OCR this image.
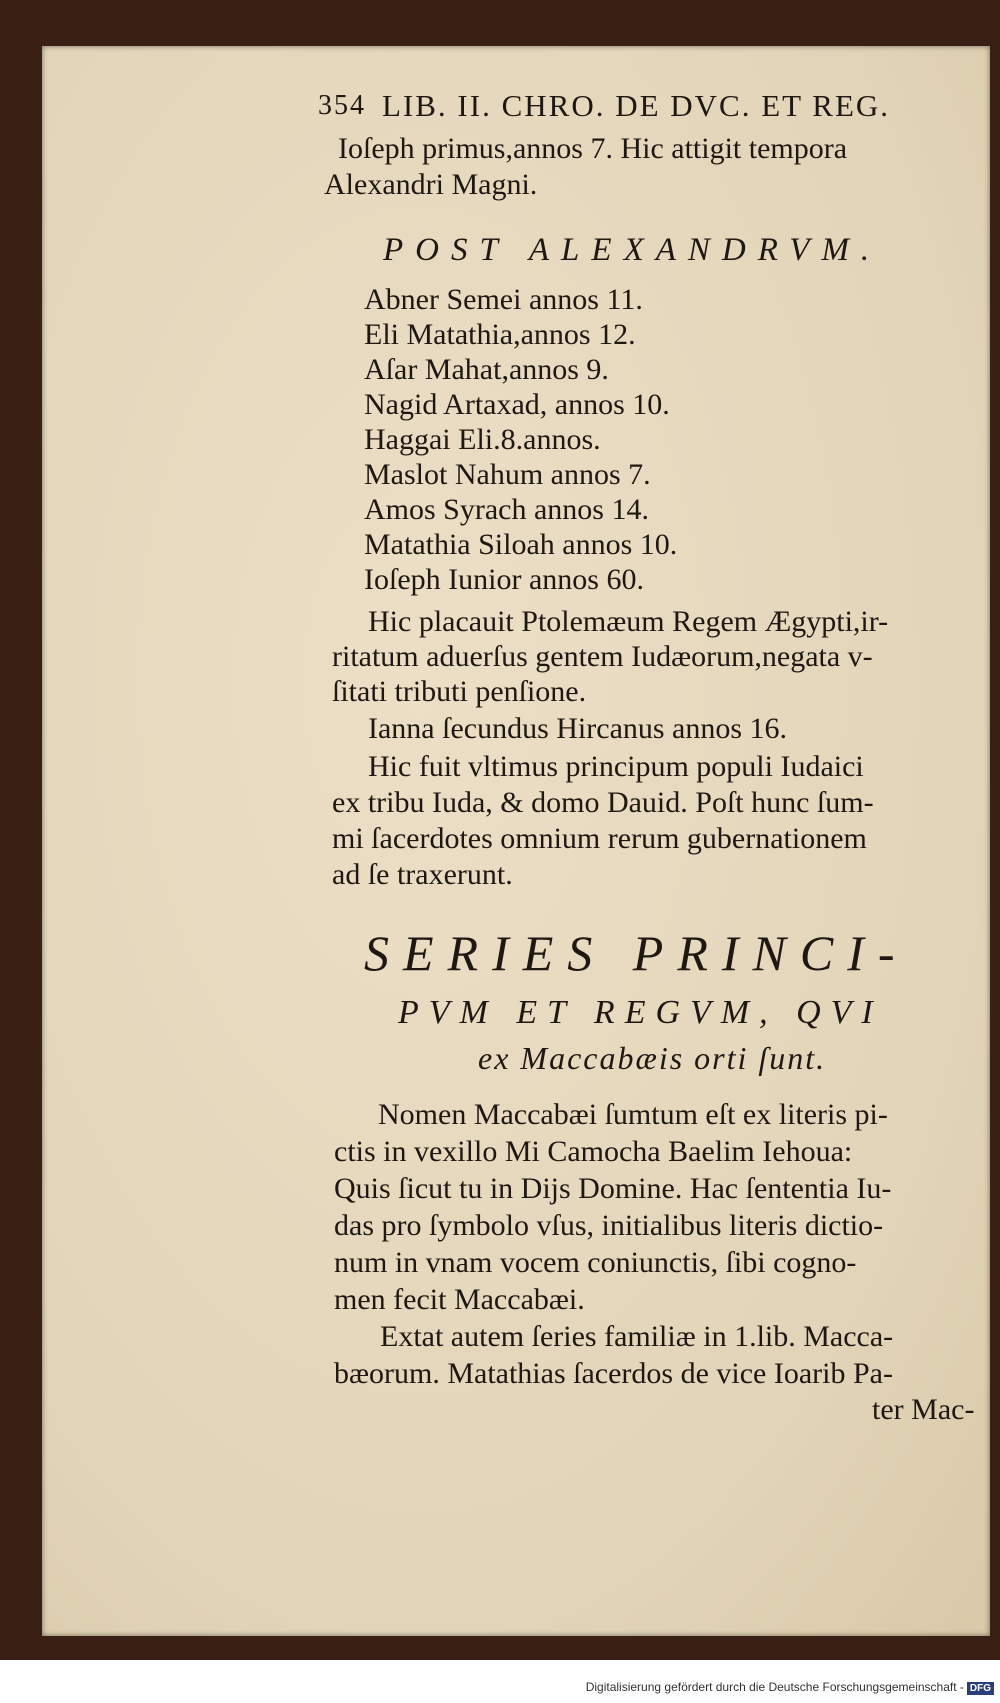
354 LIB. II. CHRO. DE DVC. ET REG.
Ioſeph primus,annos 7. Hic attigit tempora
Alexandri Magni.
POST ALEXANDRVM.
Abner Semei annos 11.
Eli Matathia,annos 12.
Aſar Mahat,annos 9.
Nagid Artaxad, annos 10.
Haggai Eli.8.annos.
Maslot Nahum annos 7.
Amos Syrach annos 14.
Matathia Siloah annos 10.
Ioſeph Iunior annos 60.
Hic placauit Ptolemæum Regem Ægypti,ir-
ritatum aduerſus gentem Iudæorum,negata v-
ſitati tributi penſione.
Ianna ſecundus Hircanus annos 16.
Hic fuit vltimus principum populi Iudaici
ex tribu Iuda, & domo Dauid. Poſt hunc ſum-
mi ſacerdotes omnium rerum gubernationem
ad ſe traxerunt.
SERIES PRINCI-
PVM ET REGVM, QVI
ex Maccabæis orti ſunt.
Nomen Maccabæi ſumtum eſt ex literis pi-
ctis in vexillo Mi Camocha Baelim Iehoua:
Quis ſicut tu in Dijs Domine. Hac ſententia Iu-
das pro ſymbolo vſus, initialibus literis dictio-
num in vnam vocem coniunctis, ſibi cogno-
men fecit Maccabæi.
Extat autem ſeries familiæ in 1.lib. Macca-
bæorum. Matathias ſacerdos de vice Ioarib Pa-
ter Mac-
Digitalisierung gefördert durch die Deutsche Forschungsgemeinschaft - DFG
